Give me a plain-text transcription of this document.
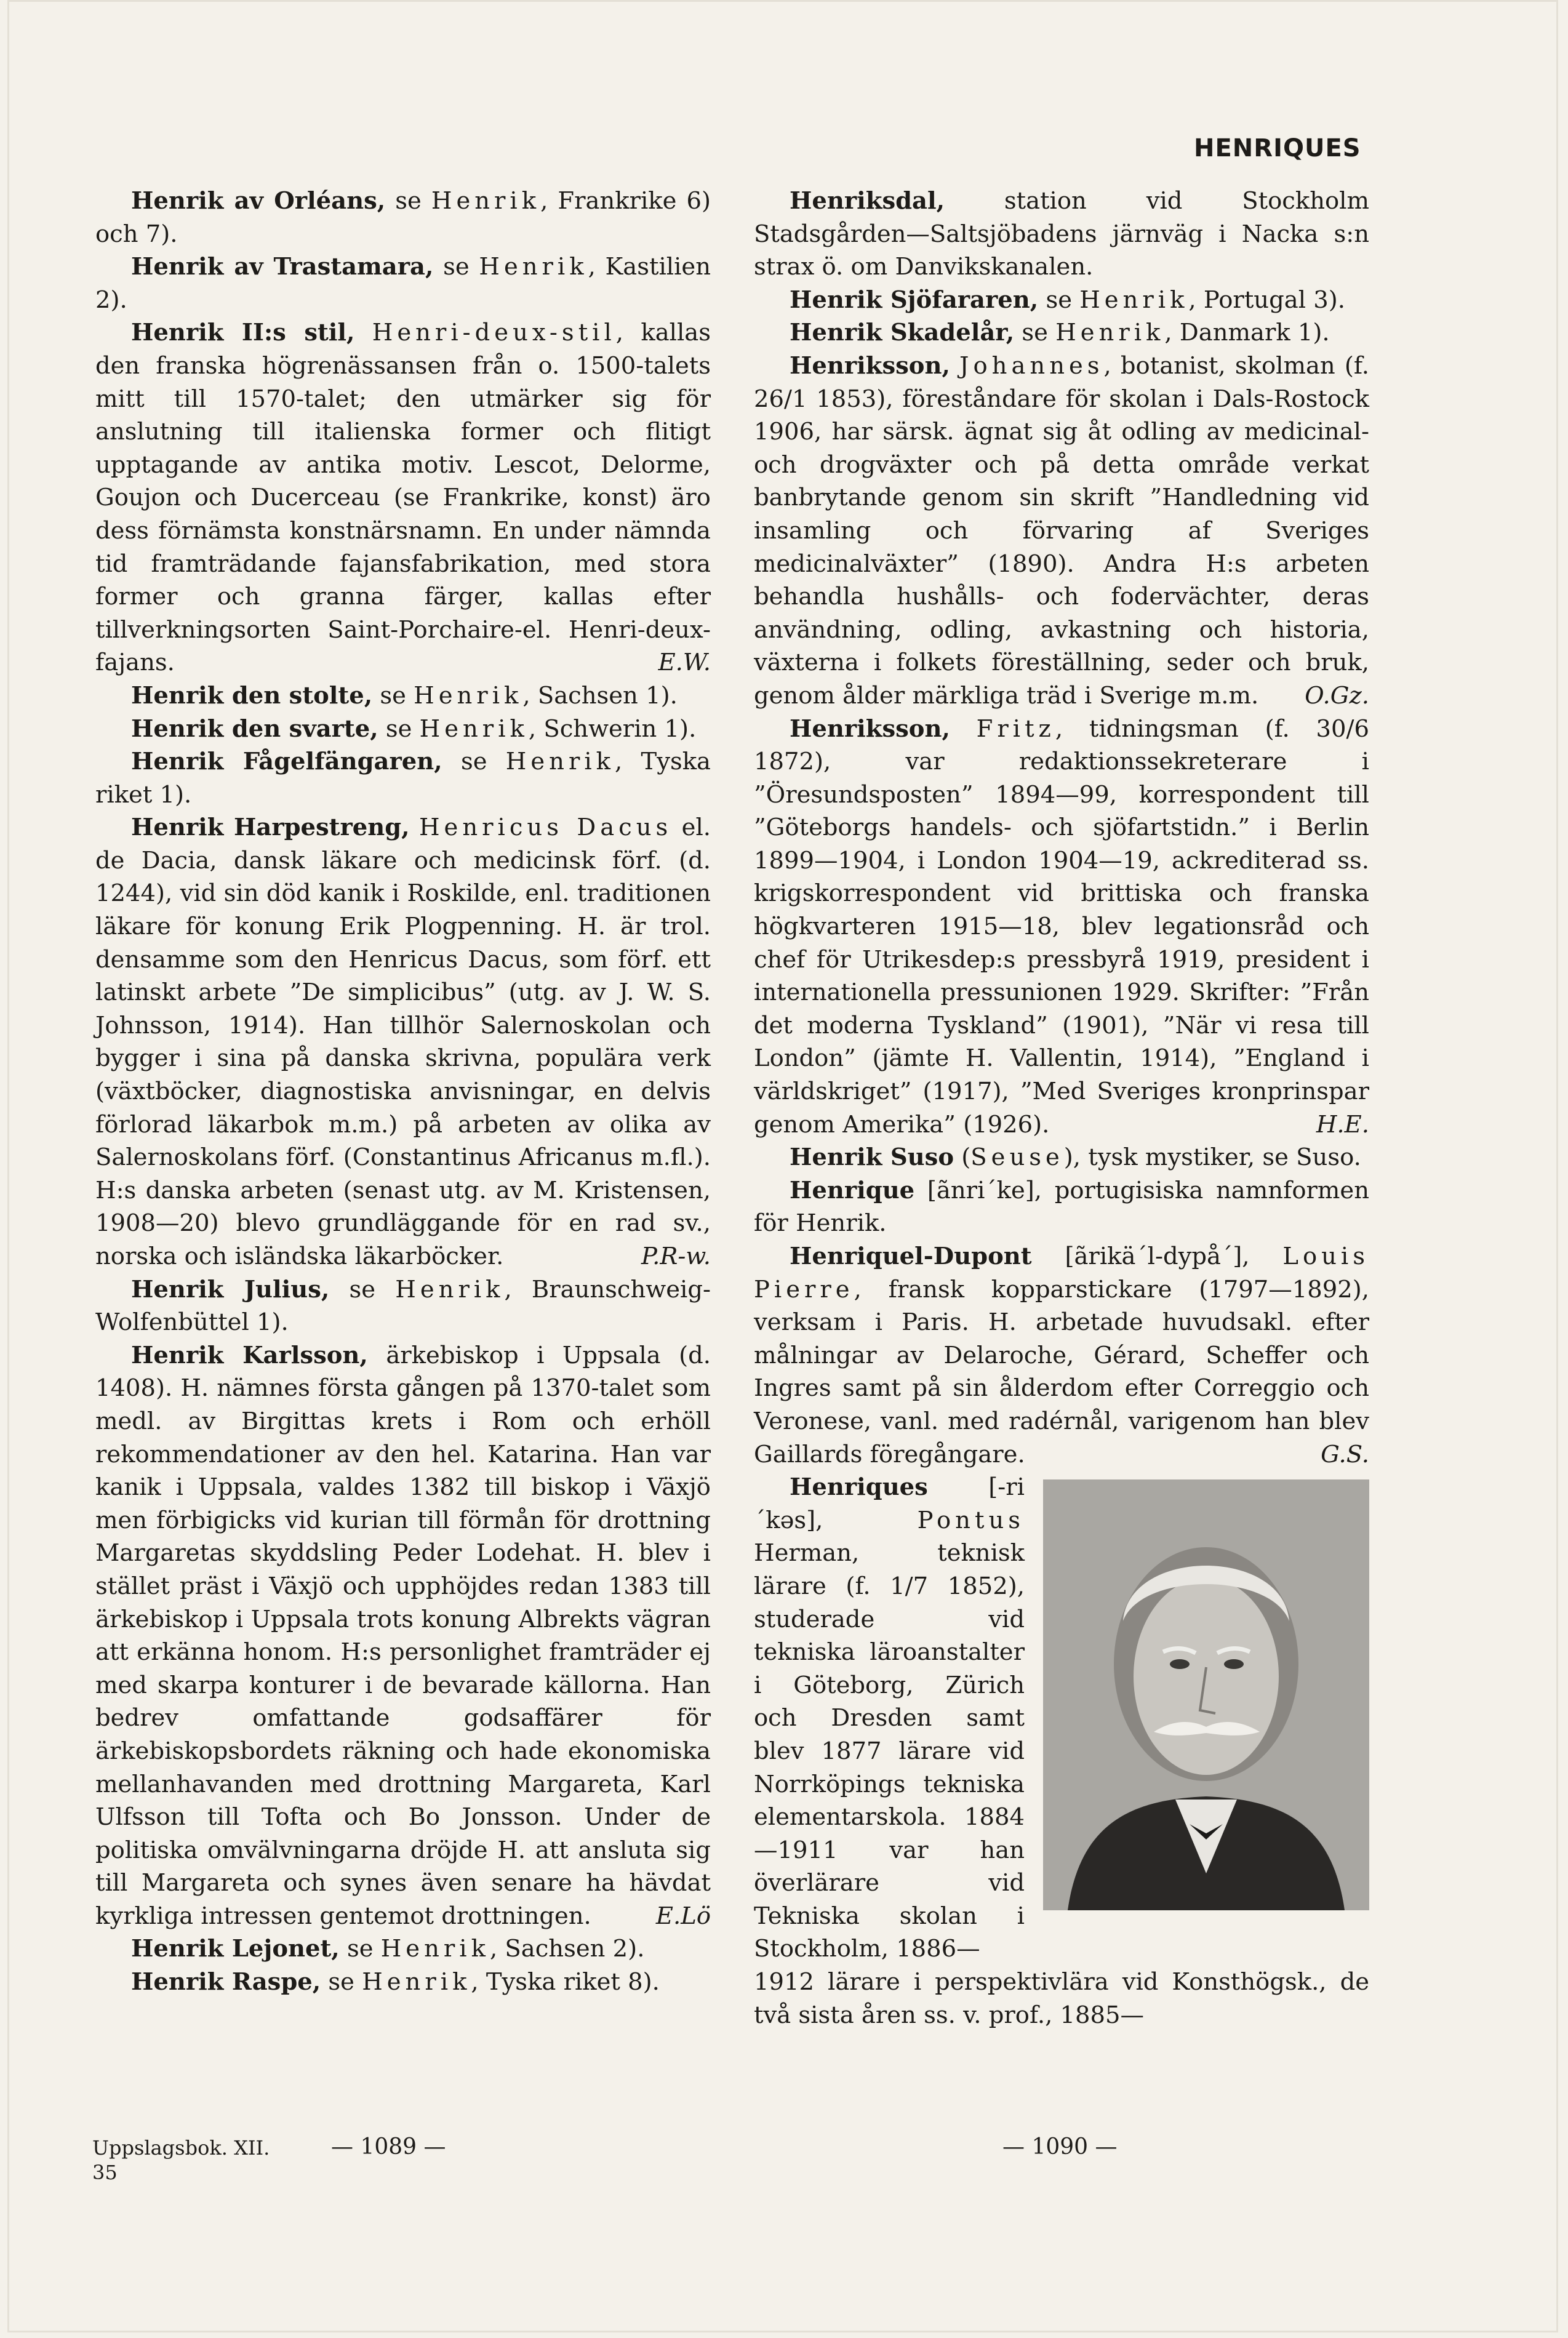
HENRIQUES

Henrik av Orléans, se Henrik, Frankrike 6) och 7).

Henrik av Trastamara, se Henrik, Kastilien 2).

Henrik II:s stil, Henri-deux-stil, kallas den franska högrenässansen från o. 1500-talets mitt till 1570-talet; den utmärker sig för anslutning till italienska former och flitigt upptagande av antika motiv. Lescot, Delorme, Goujon och Ducerceau (se Frankrike, konst) äro dess förnämsta konstnärsnamn. En under nämnda tid framträdande fajansfabrikation, med stora former och granna färger, kallas efter tillverkningsorten Saint-Porchaire-el. Henri-deux-fajans.	E.W.

Henrik den stolte, se Henrik, Sachsen 1).

Henrik den svarte, se Henrik, Schwerin 1).

Henrik Fågelfängaren, se Henrik, Tyska riket 1).

Henrik Harpestreng, Henricus Dacus el. de Dacia, dansk läkare och medicinsk förf. (d. 1244), vid sin död kanik i Roskilde, enl. traditionen läkare för konung Erik Plogpenning. H. är trol. densamme som den Henricus Dacus, som förf. ett latinskt arbete ”De simplicibus” (utg. av J. W. S. Johnsson, 1914). Han tillhör Salernoskolan och bygger i sina på danska skrivna, populära verk (växtböcker, diagnostiska anvisningar, en delvis förlorad läkarbok m.m.) på arbeten av olika av Salernoskolans förf. (Constantinus Africanus m.fl.). H:s danska arbeten (senast utg. av M. Kristensen, 1908—20) blevo grundläggande för en rad sv., norska och isländska läkarböcker.	P.R-w.

Henrik Julius, se Henrik, Braunschweig-Wolfenbüttel 1).

Henrik Karlsson, ärkebiskop i Uppsala (d. 1408). H. nämnes första gången på 1370-talet som medl. av Birgittas krets i Rom och erhöll rekommendationer av den hel. Katarina. Han var kanik i Uppsala, valdes 1382 till biskop i Växjö men förbigicks vid kurian till förmån för drottning Margaretas skyddsling Peder Lodehat. H. blev i stället präst i Växjö och upphöjdes redan 1383 till ärkebiskop i Uppsala trots konung Albrekts vägran att erkänna honom. H:s personlighet framträder ej med skarpa konturer i de bevarade källorna. Han bedrev omfattande godsaffärer för ärkebiskopsbordets räkning och hade ekonomiska mellanhavanden med drottning Margareta, Karl Ulfsson till Tofta och Bo Jonsson. Under de politiska omvälvningarna dröjde H. att ansluta sig till Margareta och synes även senare ha hävdat kyrkliga intressen gentemot drottningen.	E.Lö

Henrik Lejonet, se Henrik, Sachsen 2).

Henrik Raspe, se Henrik, Tyska riket 8).

Henriksdal,	station vid Stockholm Stadsgården—Saltsjöbadens järnväg i Nacka s:n strax ö. om Danvikskanalen.

Henrik Sjöfararen, se Henrik, Portugal 3).

Henrik Skadelår, se Henrik, Danmark 1).

Henriksson, Johannes, botanist, skolman (f. 26/1 1853), föreståndare för skolan i Dals-Rostock 1906, har särsk. ägnat sig åt odling av medicinal- och drogväxter och på detta område verkat banbrytande genom sin skrift ”Handledning vid insamling och förvaring af Sveriges medicinalväxter” (1890). Andra H:s arbeten behandla hushålls- och fodervächter, deras användning, odling, avkastning och historia, växterna i folkets föreställning, seder och bruk, genom ålder märkliga träd i Sverige m.m.	O.Gz.

Henriksson, Fritz, tidningsman (f. 30/6 1872), var redaktionssekreterare i ”Öresundsposten” 1894—99, korrespondent till ”Göteborgs handels- och sjöfartstidn.” i Berlin 1899—1904, i London 1904—19, ackrediterad ss. krigskorrespondent vid brittiska och franska högkvarteren 1915—18, blev legationsråd och chef för Utrikesdep:s pressbyrå 1919, president i internationella pressunionen 1929. Skrifter: ”Från det moderna Tyskland” (1901), ”När vi resa till London” (jämte H. Vallentin, 1914), ”England i världskriget” (1917), ”Med Sveriges kronprinspar genom Amerika” (1926).	H.E.

Henrik Suso (Seuse), tysk mystiker, se Suso.

Henrique [ãnri´ke], portugisiska namnformen för Henrik.

Henriquel-Dupont [ãrikä´l-dypå´], Louis Pierre, fransk kopparstickare (1797—1892), verksam i Paris. H. arbetade huvudsakl. efter målningar av Delaroche, Gérard, Scheffer och Ingres samt på sin ålderdom efter Correggio och Veronese, vanl. med radérnål, varigenom han blev Gaillards föregångare.	G.S.

Henriques	[-ri´kəs],	Pontus Herman, teknisk lärare (f. 1/7 1852), studerade vid tekniska läroanstalter i Göteborg, Zürich och Dresden samt blev 1877 lärare vid Norrköpings tekniska elementarskola. 1884—1911 var han överlärare vid Tekniska skolan i Stockholm, 1886—

1912 lärare i perspektivlära vid Konsthögsk., de två sista åren ss. v. prof., 1885—

Uppslagsbok. XII.
35
— 1089 —	— 1090 —
